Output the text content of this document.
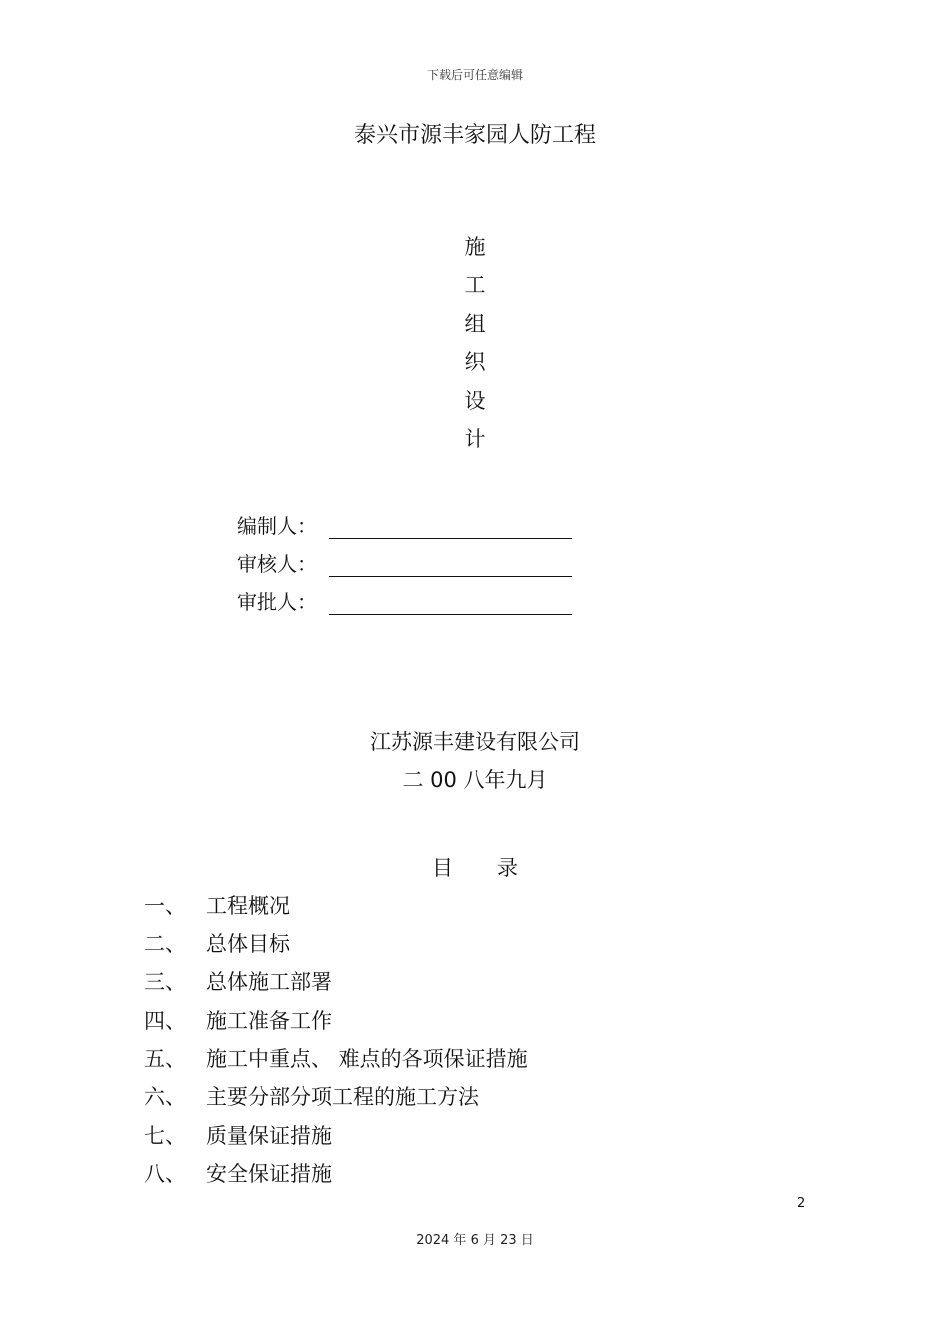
下载后可任意编辑
泰兴市源丰家园人防工程
施
工
组
织
设
计
编制人：
审核人：
审批人：
江苏源丰建设有限公司
二 00 八年九月
目 录
一、 工程概况
二、 总体目标
三、 总体施工部署
四、 施工准备工作
五、 施工中重点、 难点的各项保证措施
六、 主要分部分项工程的施工方法
七、 质量保证措施
八、 安全保证措施
2
2024 年 6 月 23 日
